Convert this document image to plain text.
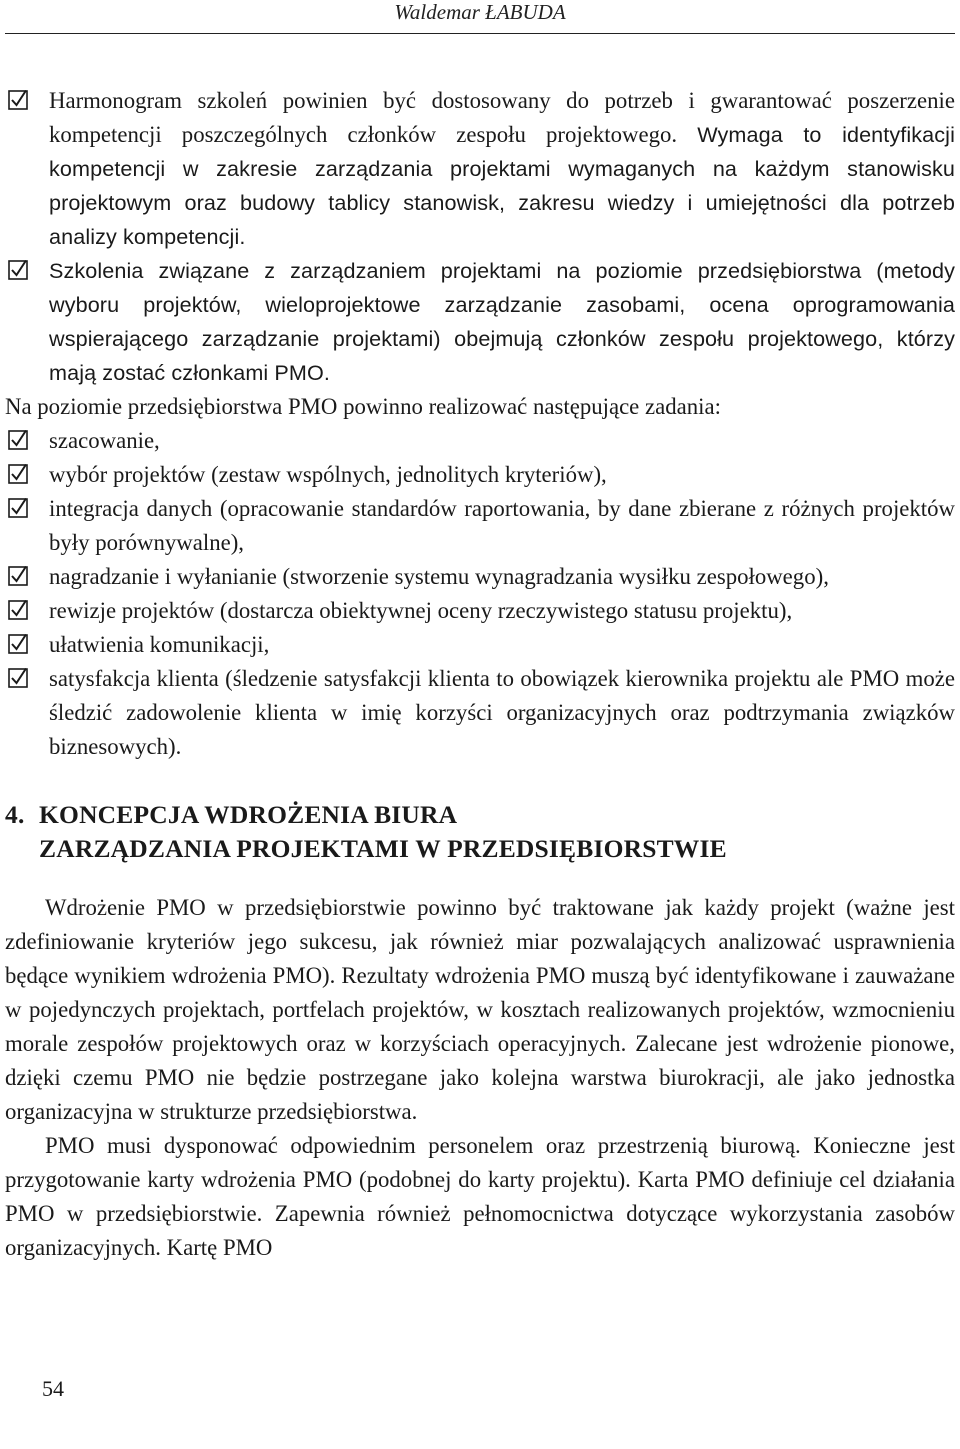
Waldemar ŁABUDA
Harmonogram szkoleń powinien być dostosowany do potrzeb i gwarantować poszerzenie kompetencji poszczególnych członków zespołu projektowego. Wymaga to identyfikacji kompetencji w zakresie zarządzania projektami wymaganych na każdym stanowisku projektowym oraz budowy tablicy stanowisk, zakresu wiedzy i umiejętności dla potrzeb analizy kompetencji.
Szkolenia związane z zarządzaniem projektami na poziomie przedsiębiorstwa (metody wyboru projektów, wieloprojektowe zarządzanie zasobami, ocena oprogramowania wspierającego zarządzanie projektami) obejmują członków zespołu projektowego, którzy mają zostać członkami PMO.
Na poziomie przedsiębiorstwa PMO powinno realizować następujące zadania:
szacowanie,
wybór projektów (zestaw wspólnych, jednolitych kryteriów),
integracja danych (opracowanie standardów raportowania, by dane zbierane z różnych projektów były porównywalne),
nagradzanie i wyłanianie (stworzenie systemu wynagradzania wysiłku zespołowego),
rewizje projektów (dostarcza obiektywnej oceny rzeczywistego statusu projektu),
ułatwienia komunikacji,
satysfakcja klienta (śledzenie satysfakcji klienta to obowiązek kierownika projektu ale PMO może śledzić zadowolenie klienta w imię korzyści organizacyjnych oraz podtrzymania związków biznesowych).
4. KONCEPCJA WDROŻENIA BIURA
ZARZĄDZANIA PROJEKTAMI W PRZEDSIĘBIORSTWIE
Wdrożenie PMO w przedsiębiorstwie powinno być traktowane jak każdy projekt (ważne jest zdefiniowanie kryteriów jego sukcesu, jak również miar pozwalających analizować usprawnienia będące wynikiem wdrożenia PMO). Rezultaty wdrożenia PMO muszą być identyfikowane i zauważane w pojedynczych projektach, portfelach projektów, w kosztach realizowanych projektów, wzmocnieniu morale zespołów projektowych oraz w korzyściach operacyjnych. Zalecane jest wdrożenie pionowe, dzięki czemu PMO nie będzie postrzegane jako kolejna warstwa biurokracji, ale jako jednostka organizacyjna w strukturze przedsiębiorstwa.
PMO musi dysponować odpowiednim personelem oraz przestrzenią biurową. Konieczne jest przygotowanie karty wdrożenia PMO (podobnej do karty projektu). Karta PMO definiuje cel działania PMO w przedsiębiorstwie. Zapewnia również pełnomocnictwa dotyczące wykorzystania zasobów organizacyjnych. Kartę PMO
54
